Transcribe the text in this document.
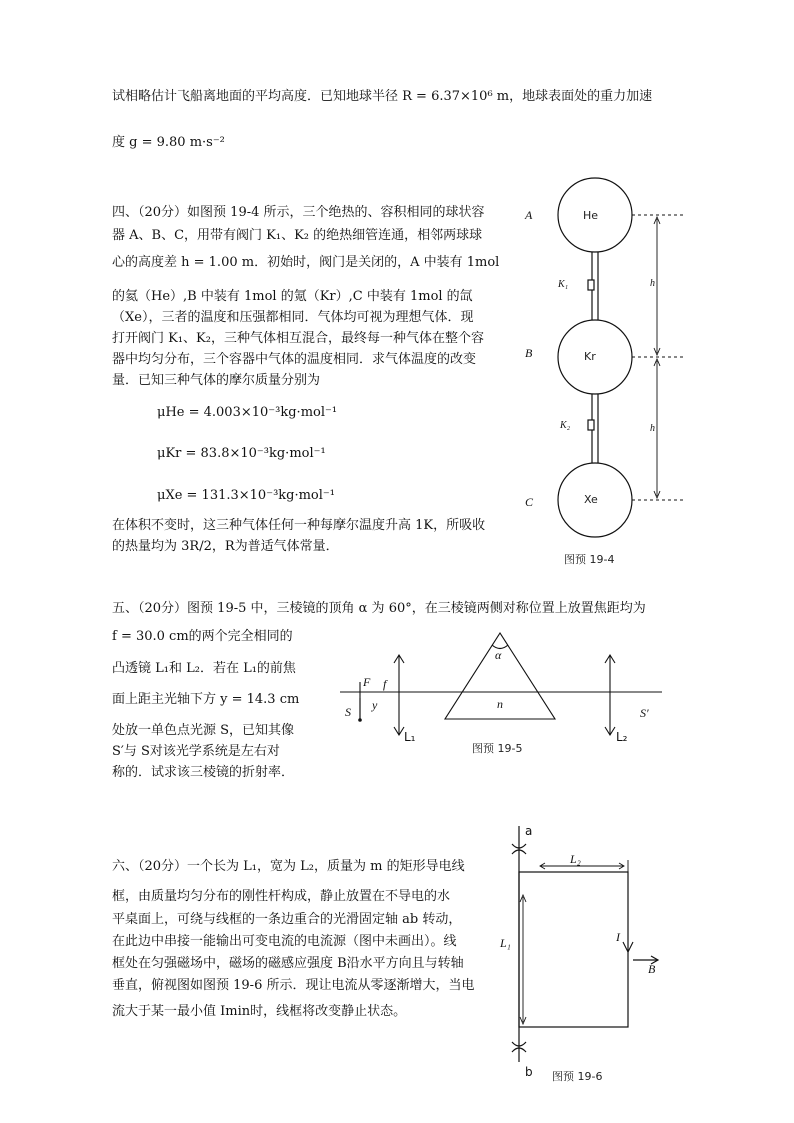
试相略估计飞船离地面的平均高度．已知地球半径 R = 6.37×10⁶ m，地球表面处的重力加速
度 g = 9.80 m·s⁻²
四、（20分）如图预 19-4 所示，三个绝热的、容积相同的球状容
器 A、B、C，用带有阀门 K₁、K₂ 的绝热细管连通，相邻两球球
心的高度差 h = 1.00 m．初始时，阀门是关闭的，A 中装有 1mol
的氦（He）,B 中装有 1mol 的氪（Kr）,C 中装有 1mol 的氙
（Xe），三者的温度和压强都相同．气体均可视为理想气体．现
打开阀门 K₁、K₂，三种气体相互混合，最终每一种气体在整个容
器中均匀分布，三个容器中气体的温度相同．求气体温度的改变
量．已知三种气体的摩尔质量分别为
μHe = 4.003×10⁻³kg·mol⁻¹
μKr = 83.8×10⁻³kg·mol⁻¹
μXe = 131.3×10⁻³kg·mol⁻¹
在体积不变时，这三种气体任何一种每摩尔温度升高 1K，所吸收
的热量均为 3R/2，R为普适气体常量．
A
B
C
He
Kr
Xe
K₁
K₂
h
h
图预 19-4
五、（20分）图预 19-5 中，三棱镜的顶角 α 为 60°，在三棱镜两侧对称位置上放置焦距均为
f = 30.0 cm的两个完全相同的
凸透镜 L₁和 L₂．若在 L₁的前焦
面上距主光轴下方 y = 14.3 cm
处放一单色点光源 S，已知其像
S′与 S对该光学系统是左右对
称的．试求该三棱镜的折射率．
F f
y
S
α
n
L₁	L₂
S′
图预 19-5
六、（20分）一个长为 L₁，宽为 L₂，质量为 m 的矩形导电线
框，由质量均匀分布的刚性杆构成，静止放置在不导电的水
平桌面上，可绕与线框的一条边重合的光滑固定轴 ab 转动，
在此边中串接一能输出可变电流的电流源（图中未画出）。线
框处在匀强磁场中，磁场的磁感应强度 B沿水平方向且与转轴
垂直，俯视图如图预 19-6 所示．现让电流从零逐渐增大，当电
流大于某一最小值 Imin时，线框将改变静止状态。
a
b
L₂
L₁	I
B
图预 19-6
